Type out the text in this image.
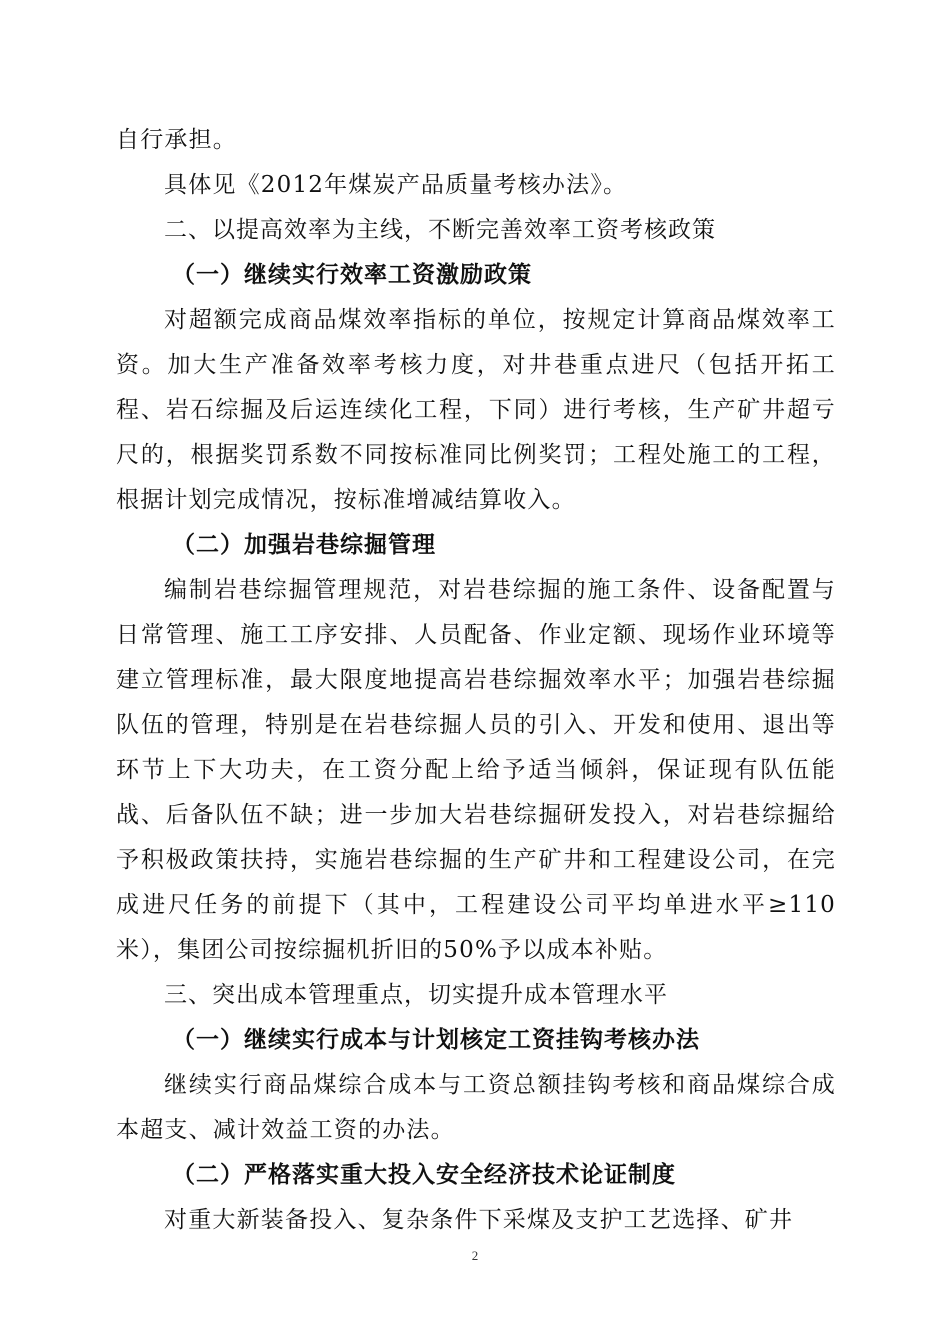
自行承担。

具体见《2012年煤炭产品质量考核办法》。

二、以提高效率为主线，不断完善效率工资考核政策

（一）继续实行效率工资激励政策

对超额完成商品煤效率指标的单位，按规定计算商品煤效率工资。加大生产准备效率考核力度，对井巷重点进尺（包括开拓工程、岩石综掘及后运连续化工程，下同）进行考核，生产矿井超亏尺的，根据奖罚系数不同按标准同比例奖罚；工程处施工的工程，根据计划完成情况，按标准增减结算收入。

（二）加强岩巷综掘管理

编制岩巷综掘管理规范，对岩巷综掘的施工条件、设备配置与日常管理、施工工序安排、人员配备、作业定额、现场作业环境等建立管理标准，最大限度地提高岩巷综掘效率水平；加强岩巷综掘队伍的管理，特别是在岩巷综掘人员的引入、开发和使用、退出等环节上下大功夫，在工资分配上给予适当倾斜，保证现有队伍能战、后备队伍不缺；进一步加大岩巷综掘研发投入，对岩巷综掘给予积极政策扶持，实施岩巷综掘的生产矿井和工程建设公司，在完成进尺任务的前提下（其中，工程建设公司平均单进水平≥110米），集团公司按综掘机折旧的50%予以成本补贴。

三、突出成本管理重点，切实提升成本管理水平

（一）继续实行成本与计划核定工资挂钩考核办法

继续实行商品煤综合成本与工资总额挂钩考核和商品煤综合成本超支、减计效益工资的办法。

（二）严格落实重大投入安全经济技术论证制度

对重大新装备投入、复杂条件下采煤及支护工艺选择、矿井

2
